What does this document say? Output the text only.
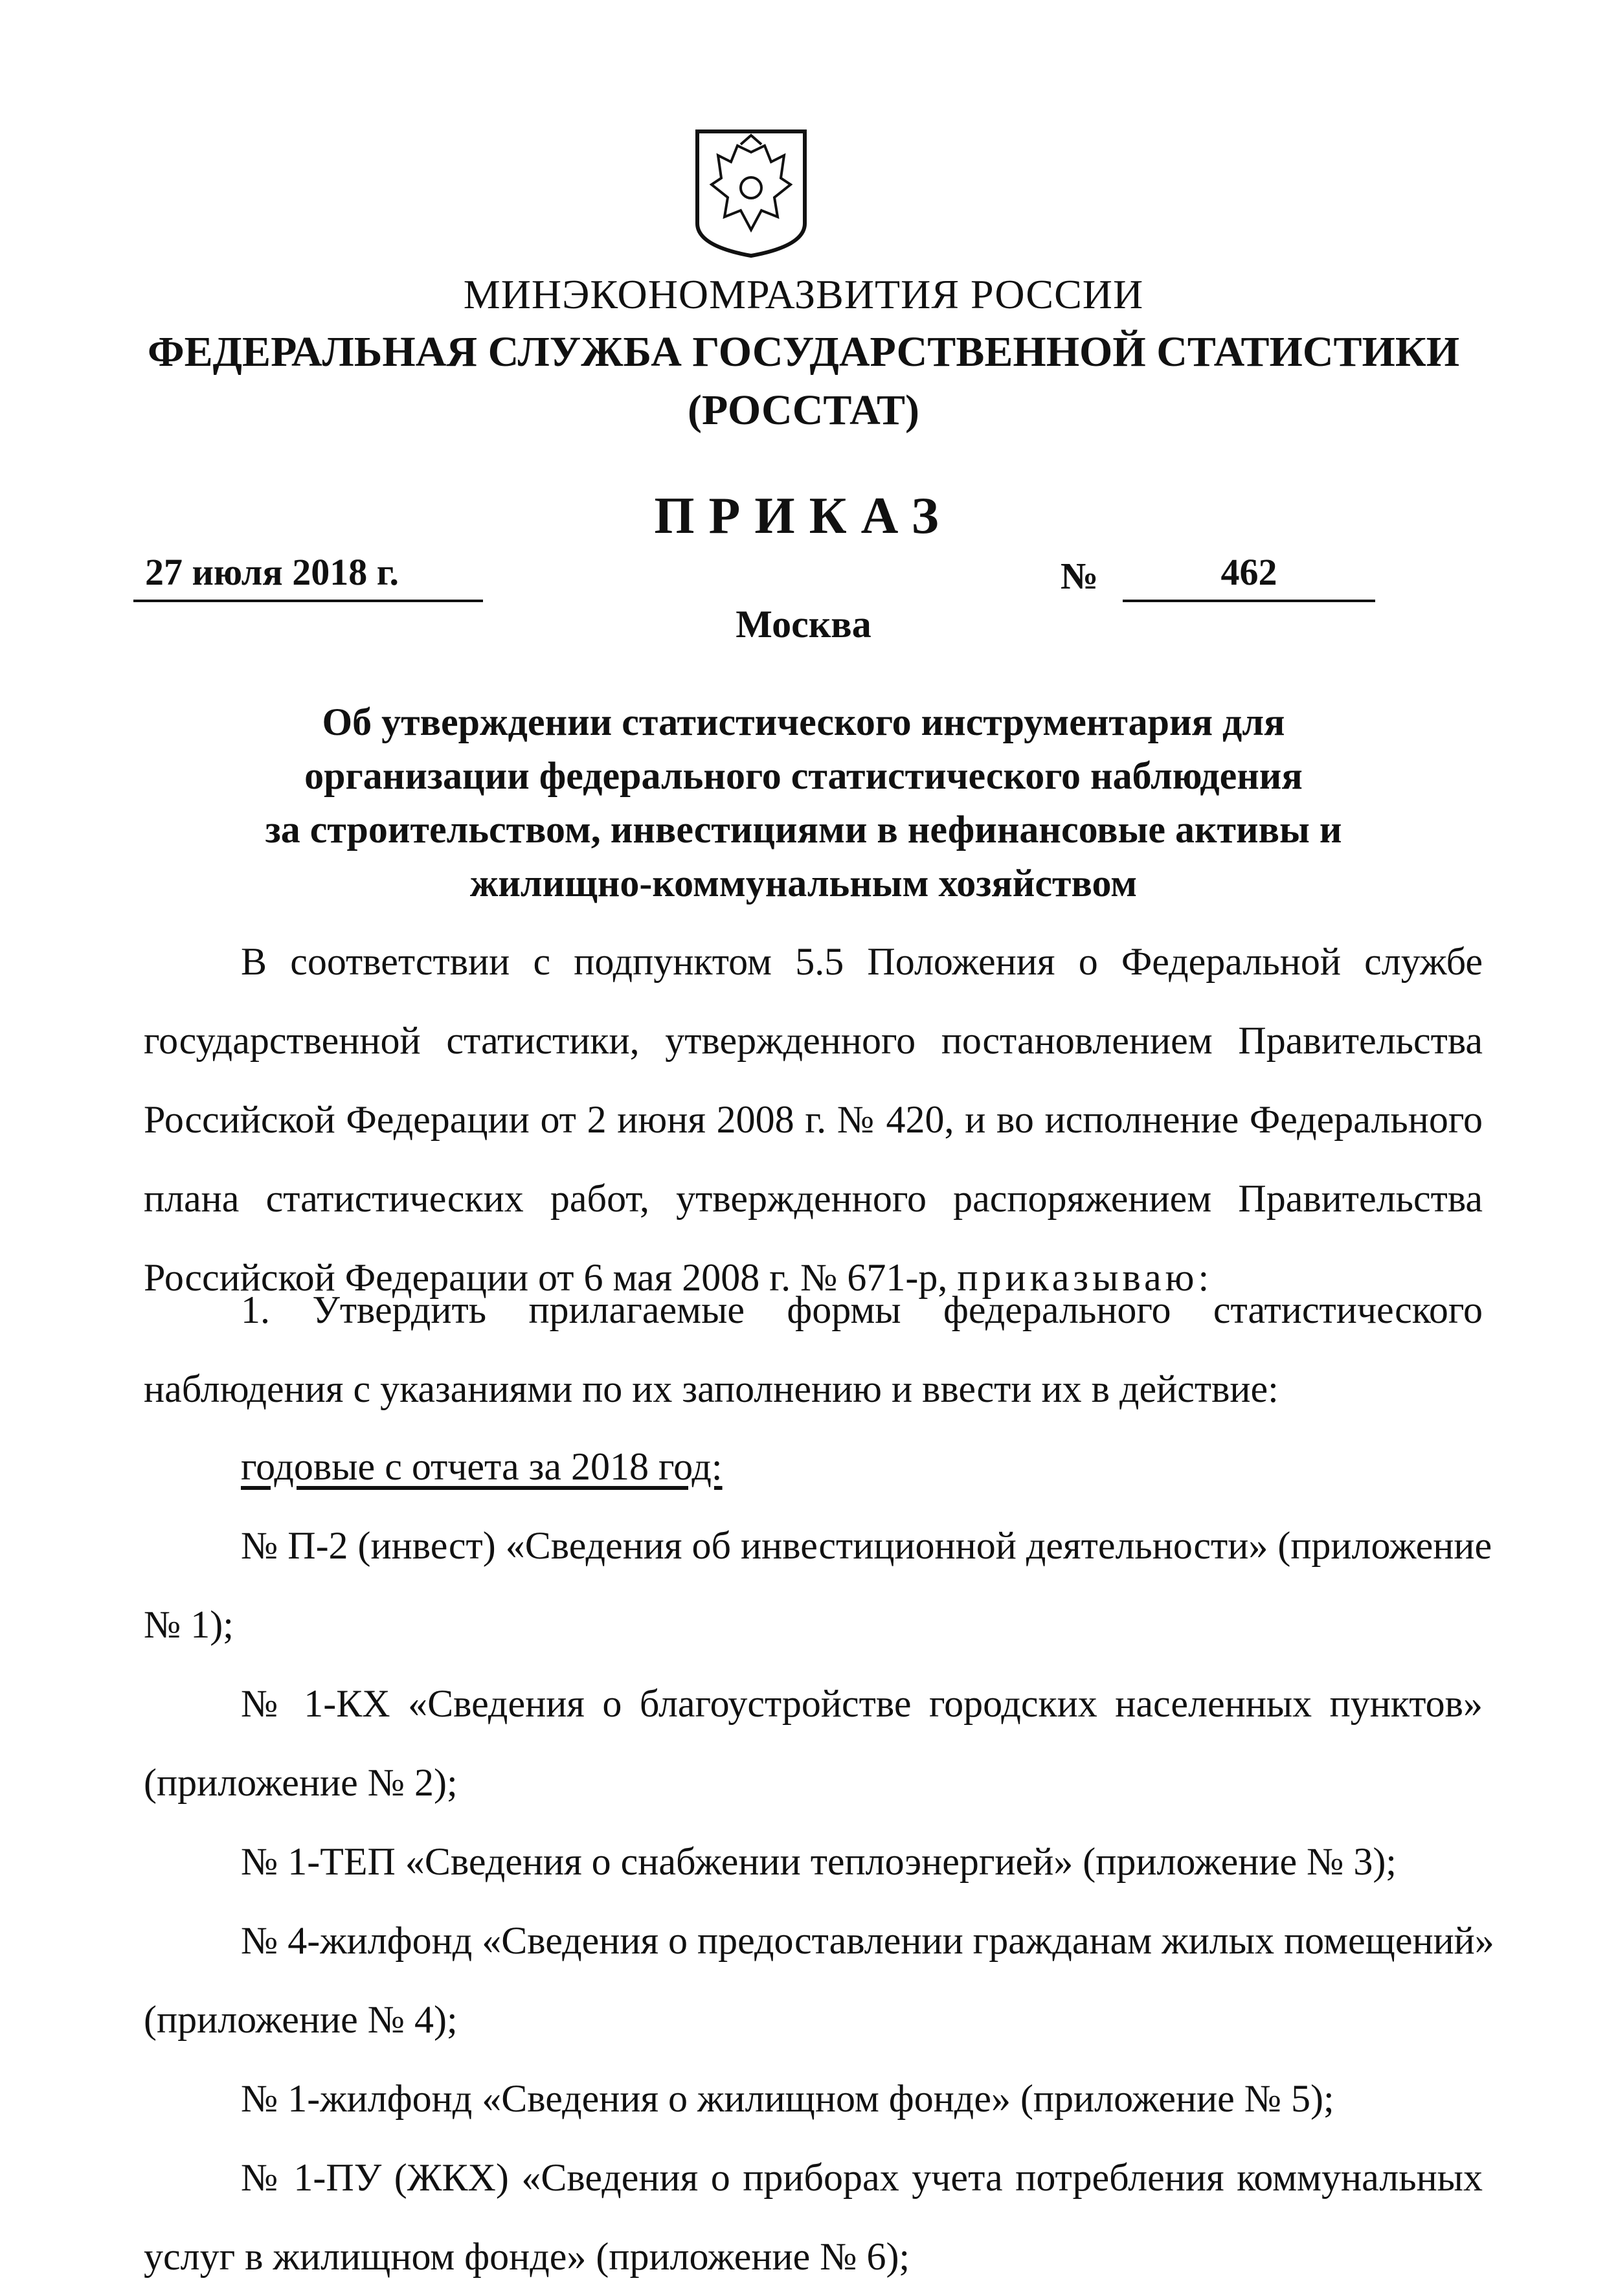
МИНЭКОНОМРАЗВИТИЯ РОССИИ
ФЕДЕРАЛЬНАЯ СЛУЖБА ГОСУДАРСТВЕННОЙ СТАТИСТИКИ
(РОССТАТ)
ПРИКАЗ
27 июля 2018 г.	№	462
Москва
Об утверждении статистического инструментария для
организации федерального статистического наблюдения
за строительством, инвестициями в нефинансовые активы и
жилищно-коммунальным хозяйством
В соответствии с подпунктом 5.5 Положения о Федеральной службе
государственной статистики, утвержденного постановлением Правительства
Российской Федерации от 2 июня 2008 г. № 420, и во исполнение Федерального
плана статистических работ, утвержденного распоряжением Правительства
Российской Федерации от 6 мая 2008 г. № 671-р, приказываю:
1. Утвердить прилагаемые формы федерального статистического
наблюдения с указаниями по их заполнению и ввести их в действие:
годовые с отчета за 2018 год:
№ П-2 (инвест) «Сведения об инвестиционной деятельности» (приложение
№ 1);
№ 1-КХ «Сведения о благоустройстве городских населенных пунктов»
(приложение № 2);
№ 1-ТЕП «Сведения о снабжении теплоэнергией» (приложение № 3);
№ 4-жилфонд «Сведения о предоставлении гражданам жилых помещений»
(приложение № 4);
№ 1-жилфонд «Сведения о жилищном фонде» (приложение № 5);
№ 1-ПУ (ЖКХ) «Сведения о приборах учета потребления коммунальных
услуг в жилищном фонде» (приложение № 6);
